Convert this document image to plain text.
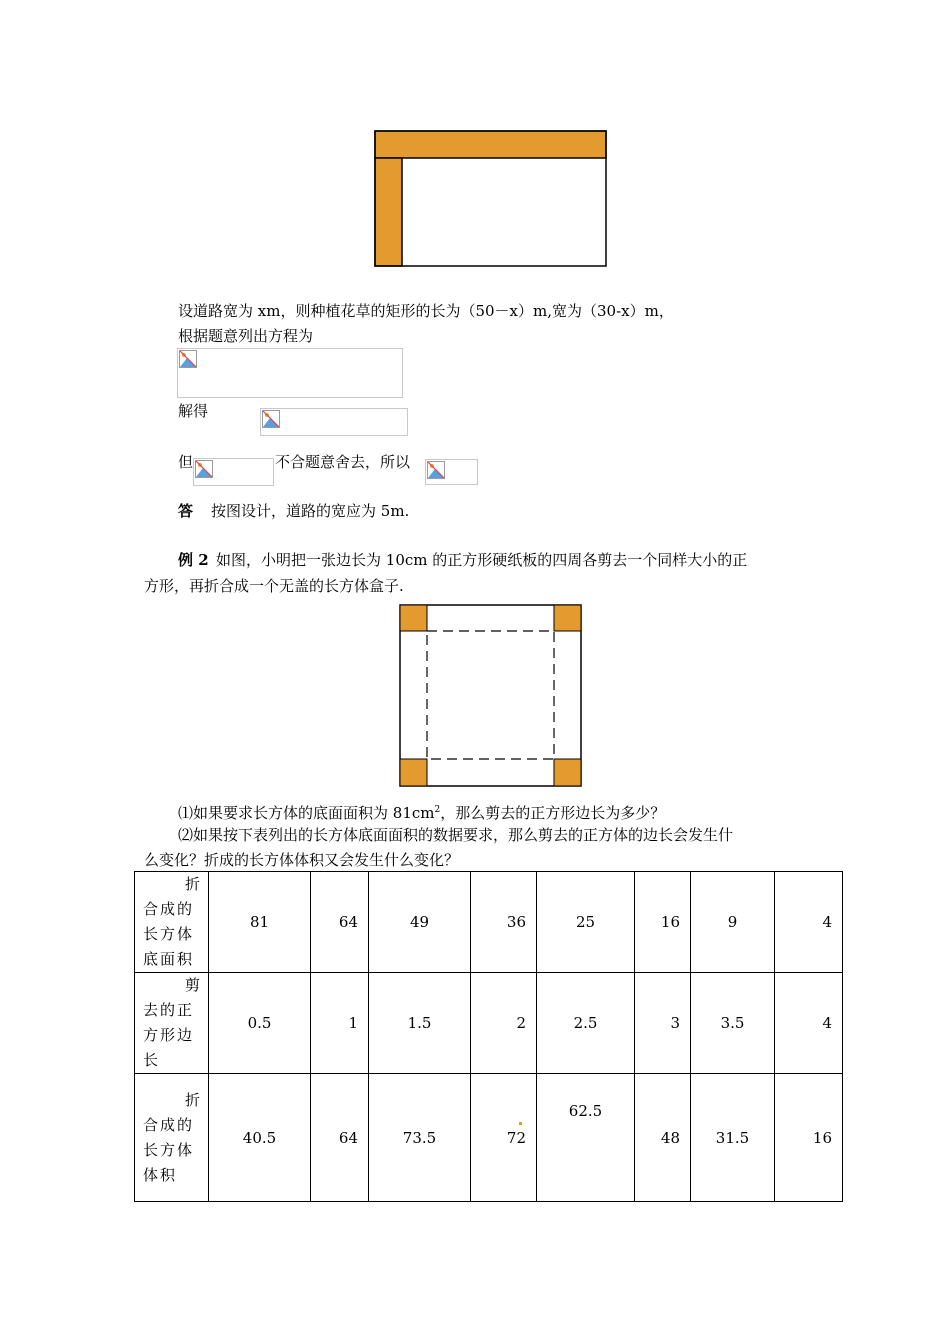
设道路宽为 xm，则种植花草的矩形的长为（50－x）m,宽为（30-x）m，
根据题意列出方程为
解得
但	不合题意舍去，所以
答 按图设计，道路的宽应为 5m.
例 2 如图，小明把一张边长为 10cm 的正方形硬纸板的四周各剪去一个同样大小的正
方形，再折合成一个无盖的长方体盒子.
⑴如果要求长方体的底面面积为 $81cm^2$，那么剪去的正方形边长为多少？
⑵如果按下表列出的长方体底面面积的数据要求，那么剪去的正方体的边长会发生什
么变化？折成的长方体体积又会发生什么变化？
折
合成的
长方体
底面积	81	64	49	36	25	16	9	4

剪
去的正
方形边
长	0.5	1	1.5	2	2.5	3	3.5	4

折
合成的
长方体
体积	40.5	64	73.5	72	62.5	48	31.5	16
